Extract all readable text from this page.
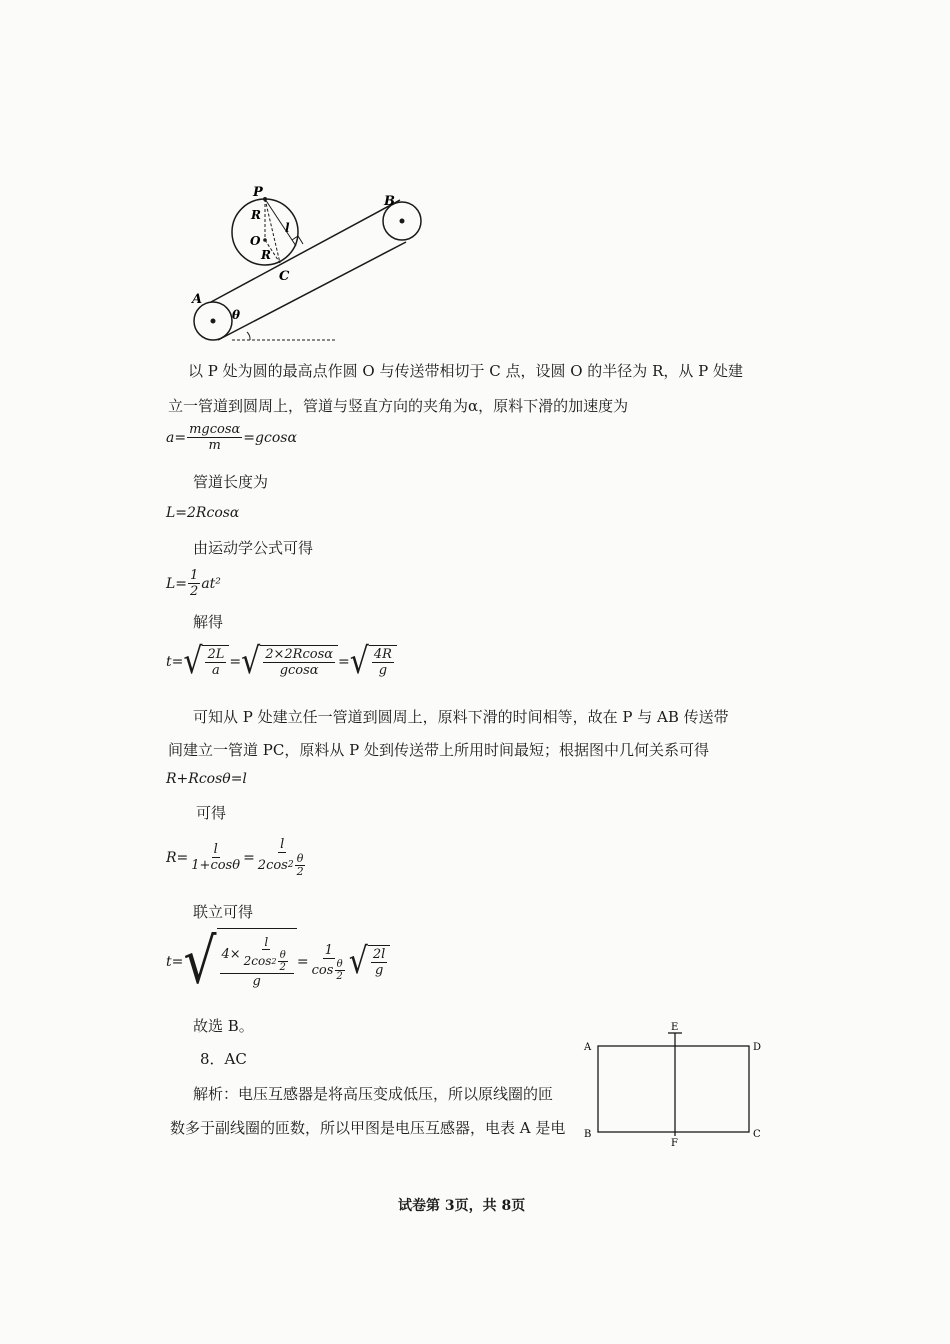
P
R
O
l
R
C
A
B
θ
以 P 处为圆的最高点作圆 O 与传送带相切于 C 点，设圆 O 的半径为 R，从 P 处建
立一管道到圆周上，管道与竖直方向的夹角为α，原料下滑的加速度为
$a= \frac{mgcos\alpha}{m} =gcos\alpha$
管道长度为
L=2Rcosα
由运动学公式可得
$L= \frac{1}{2} at^2$
解得
t= √ $\frac{2L}{a}$ = √ $\frac{2\times 2Rcos\alpha}{gcos\alpha}$ = √ $\frac{4R}{g}$
可知从 P 处建立任一管道到圆周上，原料下滑的时间相等，故在 P 与 AB 传送带
间建立一管道 PC，原料从 P 处到传送带上所用时间最短；根据图中几何关系可得
R+Rcosθ=l
可得
$R= \frac{l}{1+\cos\theta} = \frac{l}{2\cos 2 \frac{\theta}{2}}$
联立可得
t= √ $4\times \frac{l}{2\cos 2 \frac{\theta}{2}}$
g
= $\frac{1}{\cos \frac{\theta}{2}}$ √ $\frac{2l}{g}$
故选 B。
8．AC
解析：电压互感器是将高压变成低压，所以原线圈的匝
数多于副线圈的匝数，所以甲图是电压互感器，电表 A 是电
A
B	C
D
E
F
试卷第 3页，共 8页
